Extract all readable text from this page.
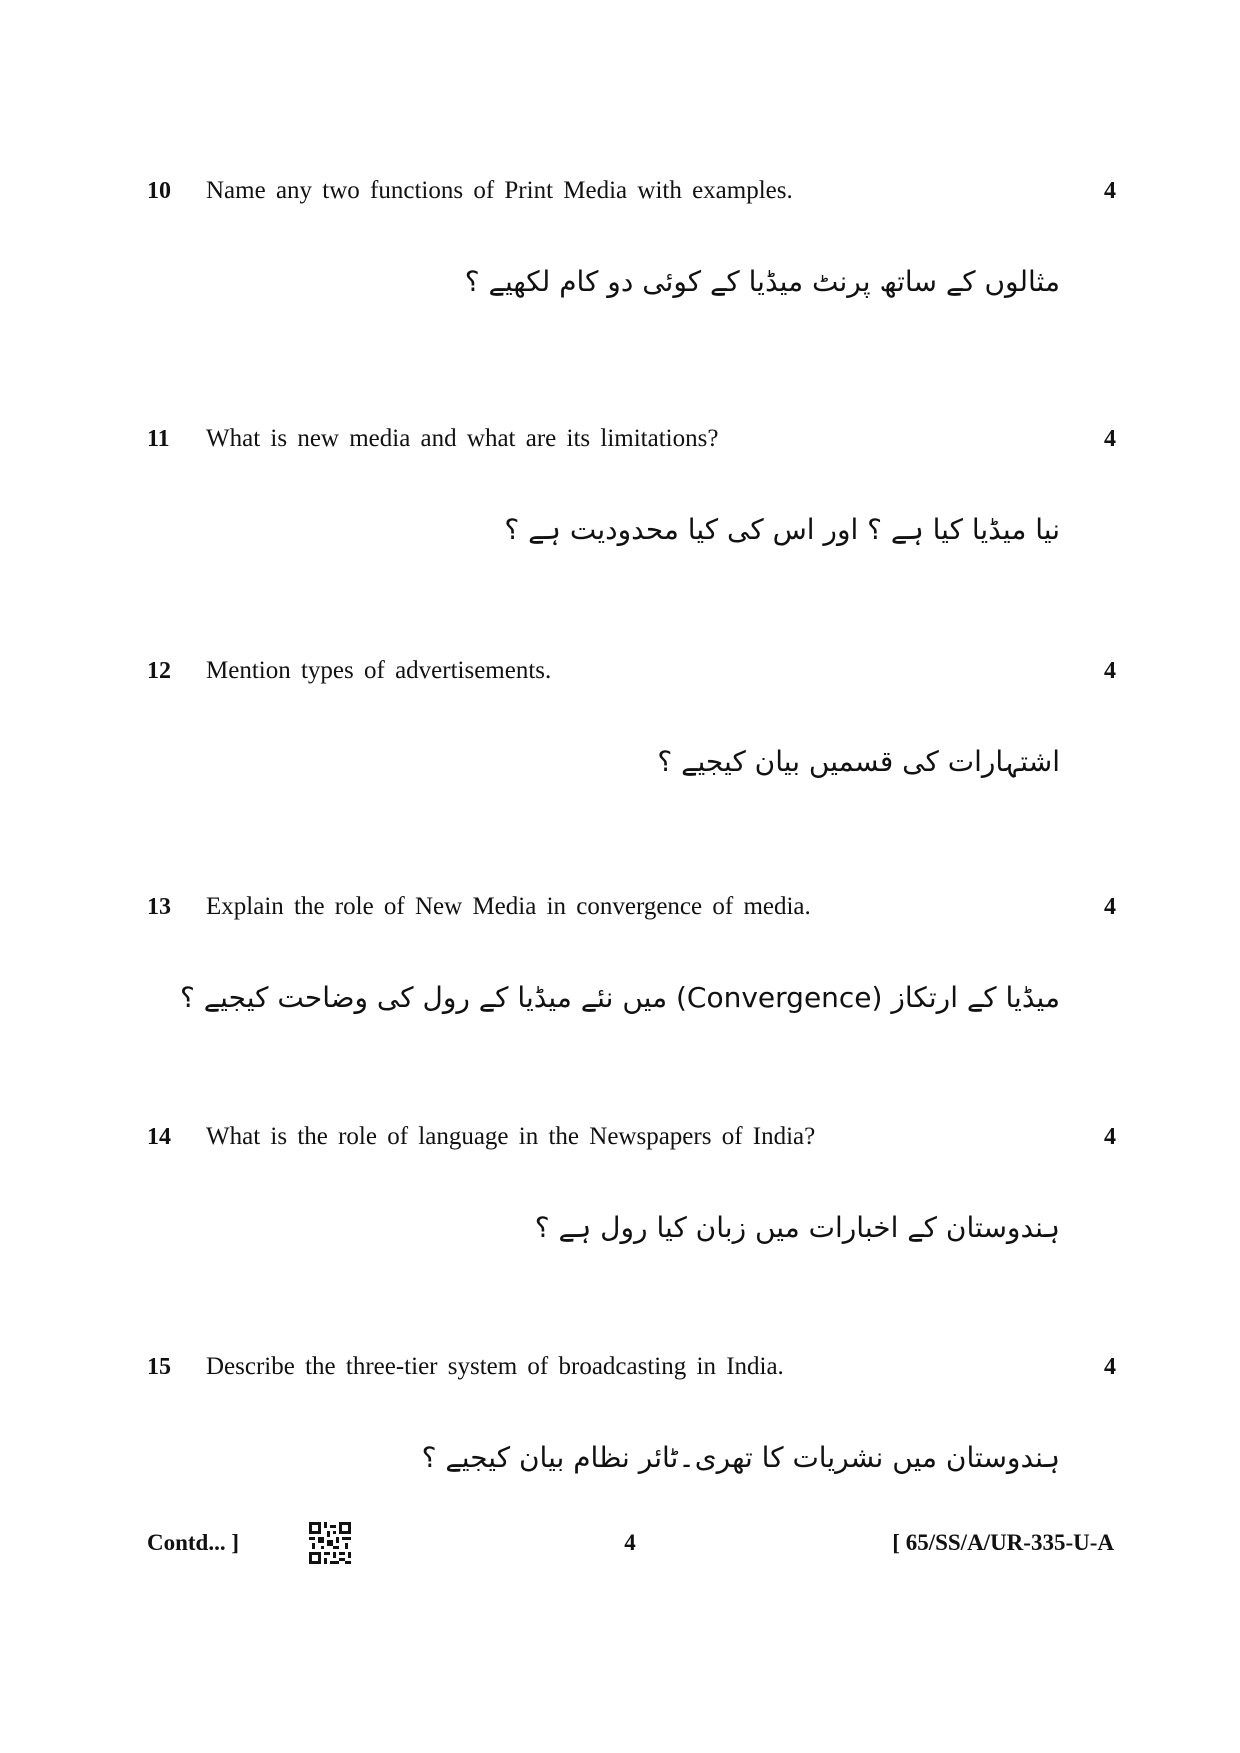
10 Name any two functions of Print Media with examples.	4
مثالوں کے ساتھ پرنٹ میڈیا کے کوئی دو کام لکھیے ؟
11 What is new media and what are its limitations?	4
نیا میڈیا کیا ہے ؟ اور اس کی کیا محدودیت ہے ؟
12 Mention types of advertisements.	4
اشتہارات کی قسمیں بیان کیجیے ؟
13 Explain the role of New Media in convergence of media.	4
میڈیا کے ارتکاز (Convergence) میں نئے میڈیا کے رول کی وضاحت کیجیے ؟
14 What is the role of language in the Newspapers of India?	4
ہندوستان کے اخبارات میں زبان کیا رول ہے ؟
15 Describe the three-tier system of broadcasting in India.	4
ہندوستان میں نشریات کا تھری۔ٹائر نظام بیان کیجیے ؟
Contd... ]	4	[ 65/SS/A/UR-335-U-A
